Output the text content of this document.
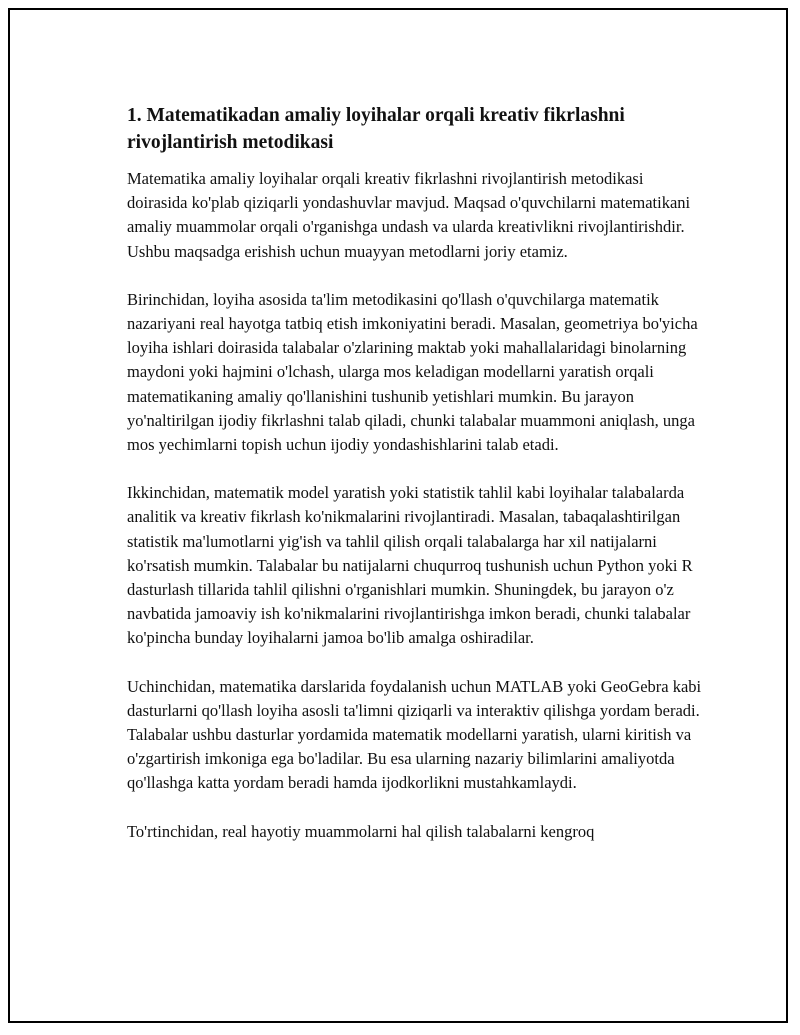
1. Matematikadan amaliy loyihalar orqali kreativ fikrlashni rivojlantirish metodikasi

Matematika amaliy loyihalar orqali kreativ fikrlashni rivojlantirish metodikasi doirasida ko'plab qiziqarli yondashuvlar mavjud. Maqsad o'quvchilarni matematikani amaliy muammolar orqali o'rganishga undash va ularda kreativlikni rivojlantirishdir. Ushbu maqsadga erishish uchun muayyan metodlarni joriy etamiz.

Birinchidan, loyiha asosida ta'lim metodikasini qo'llash o'quvchilarga matematik nazariyani real hayotga tatbiq etish imkoniyatini beradi. Masalan, geometriya bo'yicha loyiha ishlari doirasida talabalar o'zlarining maktab yoki mahallalaridagi binolarning maydoni yoki hajmini o'lchash, ularga mos keladigan modellarni yaratish orqali matematikaning amaliy qo'llanishini tushunib yetishlari mumkin. Bu jarayon yo'naltirilgan ijodiy fikrlashni talab qiladi, chunki talabalar muammoni aniqlash, unga mos yechimlarni topish uchun ijodiy yondashishlarini talab etadi.

Ikkinchidan, matematik model yaratish yoki statistik tahlil kabi loyihalar talabalarda analitik va kreativ fikrlash ko'nikmalarini rivojlantiradi. Masalan, tabaqalashtirilgan statistik ma'lumotlarni yig'ish va tahlil qilish orqali talabalarga har xil natijalarni ko'rsatish mumkin. Talabalar bu natijalarni chuqurroq tushunish uchun Python yoki R dasturlash tillarida tahlil qilishni o'rganishlari mumkin. Shuningdek, bu jarayon o'z navbatida jamoaviy ish ko'nikmalarini rivojlantirishga imkon beradi, chunki talabalar ko'pincha bunday loyihalarni jamoa bo'lib amalga oshiradilar.

Uchinchidan, matematika darslarida foydalanish uchun MATLAB yoki GeoGebra kabi dasturlarni qo'llash loyiha asosli ta'limni qiziqarli va interaktiv qilishga yordam beradi. Talabalar ushbu dasturlar yordamida matematik modellarni yaratish, ularni kiritish va o'zgartirish imkoniga ega bo'ladilar. Bu esa ularning nazariy bilimlarini amaliyotda qo'llashga katta yordam beradi hamda ijodkorlikni mustahkamlaydi.

To'rtinchidan, real hayotiy muammolarni hal qilish talabalarni kengroq
